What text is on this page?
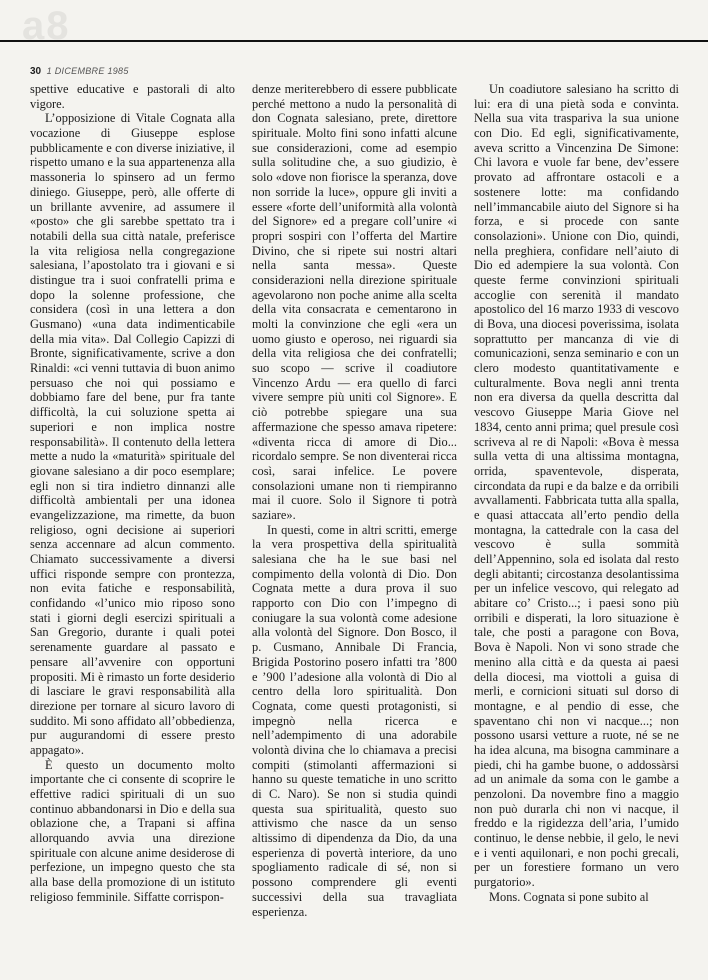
a8
30 1 DICEMBRE 1985

spettive educative e pastorali di alto vigore.

L’opposizione di Vitale Cognata alla vocazione di Giuseppe esplose pubblicamente e con diverse iniziative, il rispetto umano e la sua appartenenza alla massoneria lo spinsero ad un fermo diniego. Giuseppe, però, alle offerte di un brillante avvenire, ad assumere il «posto» che gli sarebbe spettato tra i notabili della sua città natale, preferisce la vita religiosa nella congregazione salesiana, l’apostolato tra i giovani e si distingue tra i suoi confratelli prima e dopo la solenne professione, che considera (così in una lettera a don Gusmano) «una data indimenticabile della mia vita». Dal Collegio Capizzi di Bronte, significativamente, scrive a don Rinaldi: «ci venni tuttavia di buon animo persuaso che noi qui possiamo e dobbiamo fare del bene, pur fra tante difficoltà, la cui soluzione spetta ai superiori e non implica nostre responsabilità». Il contenuto della lettera mette a nudo la «maturità» spirituale del giovane salesiano a dir poco esemplare; egli non si tira indietro dinnanzi alle difficoltà ambientali per una idonea evangelizzazione, ma rimette, da buon religioso, ogni decisione ai superiori senza accennare ad alcun commento. Chiamato successivamente a diversi uffici risponde sempre con prontezza, non evita fatiche e responsabilità, confidando «l’unico mio riposo sono stati i giorni degli esercizi spirituali a San Gregorio, durante i quali potei serenamente guardare al passato e pensare all’avvenire con opportuni propositi. Mi è rimasto un forte desiderio di lasciare le gravi responsabilità alla direzione per tornare al sicuro lavoro di suddito. Mi sono affidato all’obbedienza, pur augurandomi di essere presto appagato».

È questo un documento molto importante che ci consente di scoprire le effettive radici spirituali di un suo continuo abbandonarsi in Dio e della sua oblazione che, a Trapani si affina allorquando avvia una direzione spirituale con alcune anime desiderose di perfezione, un impegno questo che sta alla base della promozione di un istituto religioso femminile. Siffatte corrispon-

denze meriterebbero di essere pubblicate perché mettono a nudo la personalità di don Cognata salesiano, prete, direttore spirituale. Molto fini sono infatti alcune sue considerazioni, come ad esempio sulla solitudine che, a suo giudizio, è solo «dove non fiorisce la speranza, dove non sorride la luce», oppure gli inviti a essere «forte dell’uniformità alla volontà del Signore» ed a pregare coll’unire «i propri sospiri con l’offerta del Martire Divino, che si ripete sui nostri altari nella santa messa». Queste considerazioni nella direzione spirituale agevolarono non poche anime alla scelta della vita consacrata e cementarono in molti la convinzione che egli «era un uomo giusto e operoso, nei riguardi sia della vita religiosa che dei confratelli; suo scopo — scrive il coadiutore Vincenzo Ardu — era quello di farci vivere sempre più uniti col Signore». E ciò potrebbe spiegare una sua affermazione che spesso amava ripetere: «diventa ricca di amore di Dio... ricordalo sempre. Se non diventerai ricca così, sarai infelice. Le povere consolazioni umane non ti riempiranno mai il cuore. Solo il Signore ti potrà saziare».

In questi, come in altri scritti, emerge la vera prospettiva della spiritualità salesiana che ha le sue basi nel compimento della volontà di Dio. Don Cognata mette a dura prova il suo rapporto con Dio con l’impegno di coniugare la sua volontà come adesione alla volontà del Signore. Don Bosco, il p. Cusmano, Annibale Di Francia, Brigida Postorino posero infatti tra ’800 e ’900 l’adesione alla volontà di Dio al centro della loro spiritualità. Don Cognata, come questi protagonisti, si impegnò nella ricerca e nell’adempimento di una adorabile volontà divina che lo chiamava a precisi compiti (stimolanti affermazioni si hanno su queste tematiche in uno scritto di C. Naro). Se non si studia quindi questa sua spiritualità, questo suo attivismo che nasce da un senso altissimo di dipendenza da Dio, da una esperienza di povertà interiore, da uno spogliamento radicale di sé, non si possono comprendere gli eventi successivi della sua travagliata esperienza.

Un coadiutore salesiano ha scritto di lui: era di una pietà soda e convinta. Nella sua vita traspariva la sua unione con Dio. Ed egli, significativamente, aveva scritto a Vincenzina De Simone: Chi lavora e vuole far bene, dev’essere provato ad affrontare ostacoli e a sostenere lotte: ma confidando nell’immancabile aiuto del Signore si ha forza, e si procede con sante consolazioni». Unione con Dio, quindi, nella preghiera, confidare nell’aiuto di Dio ed adempiere la sua volontà. Con queste ferme convinzioni spirituali accoglie con serenità il mandato apostolico del 16 marzo 1933 di vescovo di Bova, una diocesi poverissima, isolata soprattutto per mancanza di vie di comunicazioni, senza seminario e con un clero modesto quantitativamente e culturalmente. Bova negli anni trenta non era diversa da quella descritta dal vescovo Giuseppe Maria Giove nel 1834, cento anni prima; quel presule così scriveva al re di Napoli: «Bova è messa sulla vetta di una altissima montagna, orrida, spaventevole, disperata, circondata da rupi e da balze e da orribili avvallamenti. Fabbricata tutta alla spalla, e quasi attaccata all’erto pendìo della montagna, la cattedrale con la casa del vescovo è sulla sommità dell’Appennino, sola ed isolata dal resto degli abitanti; circostanza desolantissima per un infelice vescovo, qui relegato ad abitare co’ Cristo...; i paesi sono più orribili e disperati, la loro situazione è tale, che posti a paragone con Bova, Bova è Napoli. Non vi sono strade che menino alla città e da questa ai paesi della diocesi, ma viottoli a guisa di merli, e cornicioni situati sul dorso di montagne, e al pendio di esse, che spaventano chi non vi nacque...; non possono usarsi vetture a ruote, né se ne ha idea alcuna, ma bisogna camminare a piedi, chi ha gambe buone, o addossàrsi ad un animale da soma con le gambe a penzoloni. Da novembre fino a maggio non può durarla chi non vi nacque, il freddo e la rigidezza dell’aria, l’umido continuo, le dense nebbie, il gelo, le nevi e i venti aquilonari, e non pochi grecali, per un forestiere formano un vero purgatorio».

Mons. Cognata si pone subito al
